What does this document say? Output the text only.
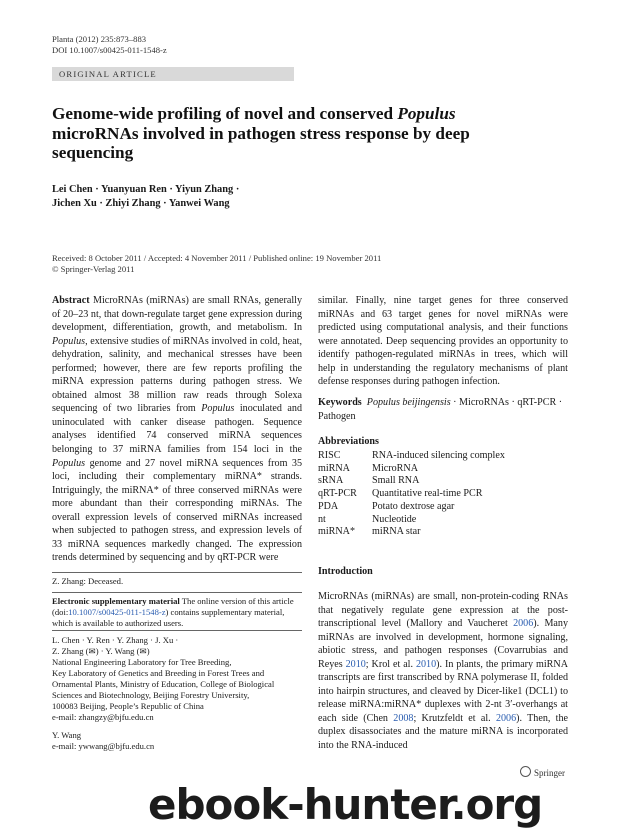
Planta (2012) 235:873–883
DOI 10.1007/s00425-011-1548-z
ORIGINAL ARTICLE
Genome-wide profiling of novel and conserved Populus microRNAs involved in pathogen stress response by deep sequencing
Lei Chen · Yuanyuan Ren · Yiyun Zhang ·
Jichen Xu · Zhiyi Zhang · Yanwei Wang
Received: 8 October 2011 / Accepted: 4 November 2011 / Published online: 19 November 2011
© Springer-Verlag 2011

Abstract MicroRNAs (miRNAs) are small RNAs, generally of 20–23 nt, that down-regulate target gene expression during development, differentiation, growth, and metabolism. In Populus, extensive studies of miRNAs involved in cold, heat, dehydration, salinity, and mechanical stresses have been performed; however, there are few reports profiling the miRNA expression patterns during pathogen stress. We obtained almost 38 million raw reads through Solexa sequencing of two libraries from Populus inoculated and uninoculated with canker disease pathogen. Sequence analyses identified 74 conserved miRNA sequences belonging to 37 miRNA families from 154 loci in the Populus genome and 27 novel miRNA sequences from 35 loci, including their complementary miRNA* strands. Intriguingly, the miRNA* of three conserved miRNAs were more abundant than their corresponding miRNAs. The overall expression levels of conserved miRNAs increased when subjected to pathogen stress, and expression levels of 33 miRNA sequences markedly changed. The expression trends determined by sequencing and by qRT-PCR were

similar. Finally, nine target genes for three conserved miRNAs and 63 target genes for novel miRNAs were predicted using computational analysis, and their functions were annotated. Deep sequencing provides an opportunity to identify pathogen-regulated miRNAs in trees, which will help in understanding the regulatory mechanisms of plant defense responses during pathogen infection.

Keywords Populus beijingensis · MicroRNAs · qRT-PCR · Pathogen
Abbreviations
RISC	RNA-induced silencing complex
miRNA	MicroRNA
sRNA	Small RNA
qRT-PCR	Quantitative real-time PCR
PDA	Potato dextrose agar
nt	Nucleotide
miRNA*	miRNA star
Introduction

MicroRNAs (miRNAs) are small, non-protein-coding RNAs that negatively regulate gene expression at the post-transcriptional level (Mallory and Vaucheret 2006). Many miRNAs are involved in development, hormone signaling, abiotic stress, and pathogen responses (Covarrubias and Reyes 2010; Krol et al. 2010). In plants, the primary miRNA transcripts are first transcribed by RNA polymerase II, folded into hairpin structures, and cleaved by Dicer-like1 (DCL1) to release miRNA:miRNA* duplexes with 2-nt 3′-overhangs at each side (Chen 2008; Krutzfeldt et al. 2006). Then, the duplex disassociates and the mature miRNA is incorporated into the RNA-induced

Z. Zhang: Deceased.

Electronic supplementary material The online version of this article (doi:10.1007/s00425-011-1548-z) contains supplementary material, which is available to authorized users.

L. Chen · Y. Ren · Y. Zhang · J. Xu ·

Z. Zhang (✉) · Y. Wang (✉)

National Engineering Laboratory for Tree Breeding,

Key Laboratory of Genetics and Breeding in Forest Trees and

Ornamental Plants, Ministry of Education, College of Biological

Sciences and Biotechnology, Beijing Forestry University,

100083 Beijing, People’s Republic of China

e-mail: zhangzy@bjfu.edu.cn

Y. Wang

e-mail: ywwang@bjfu.edu.cn

Springer
ebook-hunter.org
